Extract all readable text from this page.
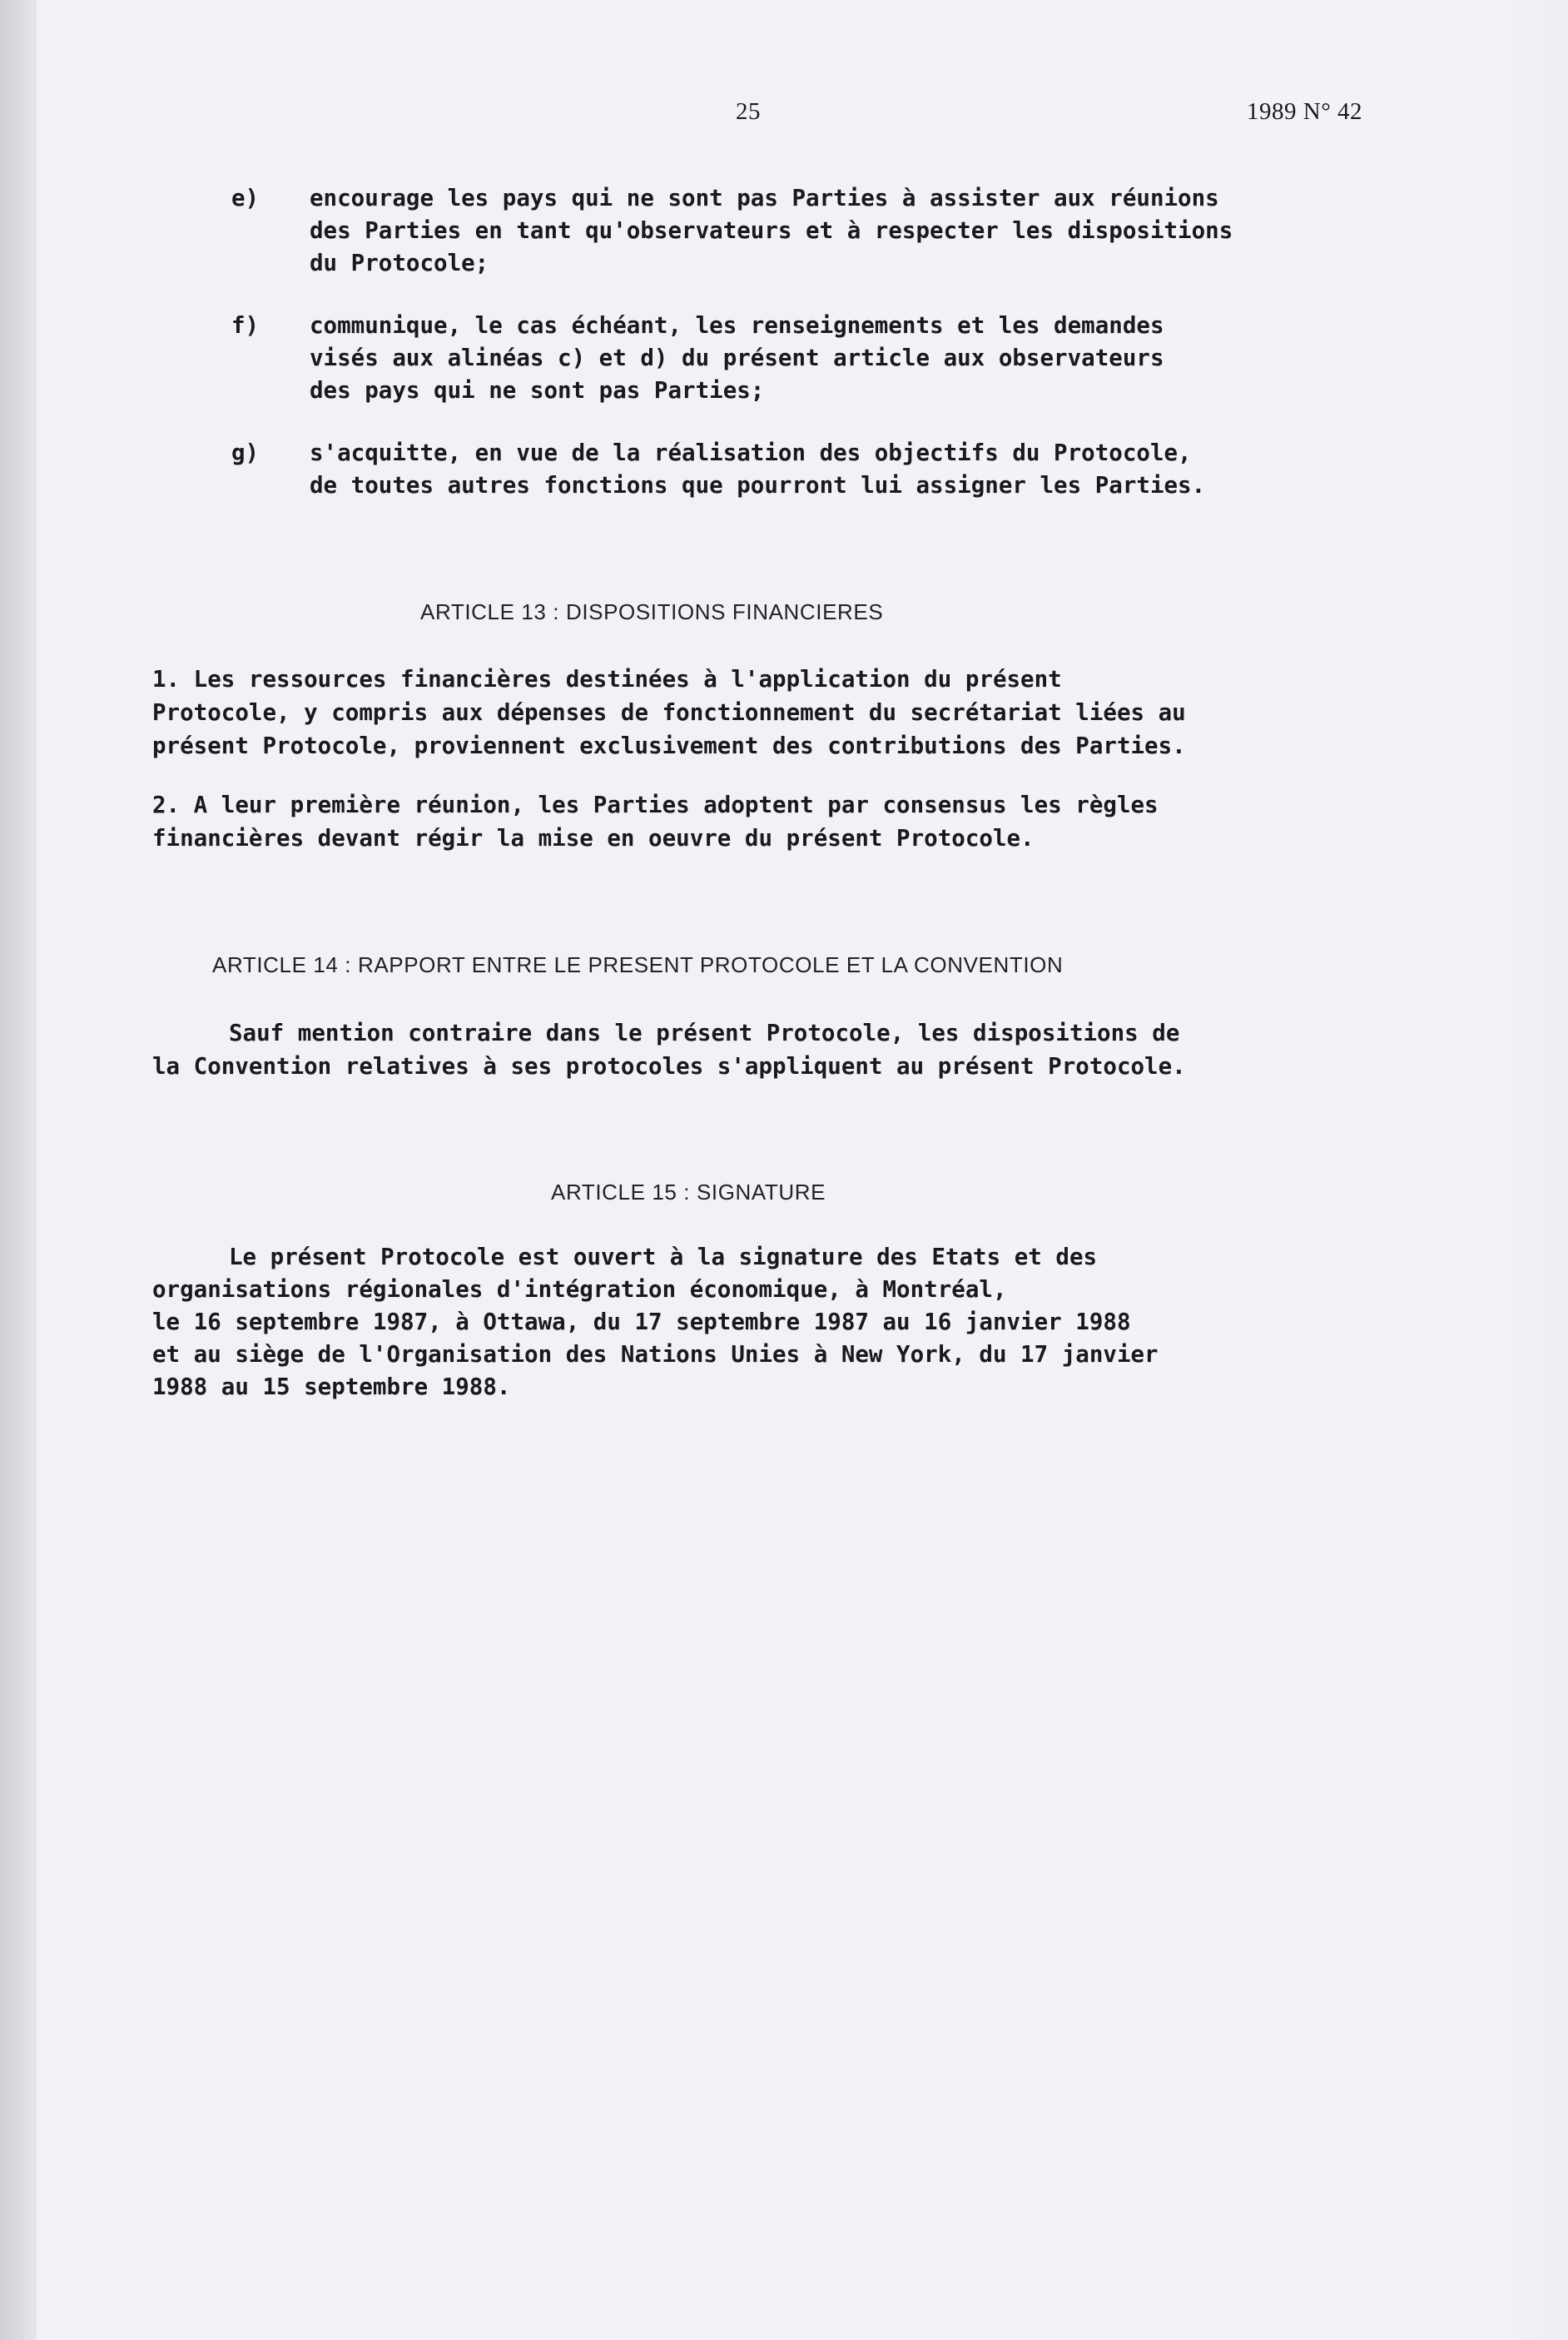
25	1989 N° 42
e) encourage les pays qui ne sont pas Parties à assister aux réunions
des Parties en tant qu'observateurs et à respecter les dispositions
du Protocole;
f) communique, le cas échéant, les renseignements et les demandes
visés aux alinéas c) et d) du présent article aux observateurs
des pays qui ne sont pas Parties;
g) s'acquitte, en vue de la réalisation des objectifs du Protocole,
de toutes autres fonctions que pourront lui assigner les Parties.
ARTICLE 13 : DISPOSITIONS FINANCIERES
1. Les ressources financières destinées à l'application du présent
Protocole, y compris aux dépenses de fonctionnement du secrétariat liées au
présent Protocole, proviennent exclusivement des contributions des Parties.
2. A leur première réunion, les Parties adoptent par consensus les règles
financières devant régir la mise en oeuvre du présent Protocole.
ARTICLE 14 : RAPPORT ENTRE LE PRESENT PROTOCOLE ET LA CONVENTION
Sauf mention contraire dans le présent Protocole, les dispositions de
la Convention relatives à ses protocoles s'appliquent au présent Protocole.
ARTICLE 15 : SIGNATURE
Le présent Protocole est ouvert à la signature des Etats et des
organisations régionales d'intégration économique, à Montréal,
le 16 septembre 1987, à Ottawa, du 17 septembre 1987 au 16 janvier 1988
et au siège de l'Organisation des Nations Unies à New York, du 17 janvier
1988 au 15 septembre 1988.
